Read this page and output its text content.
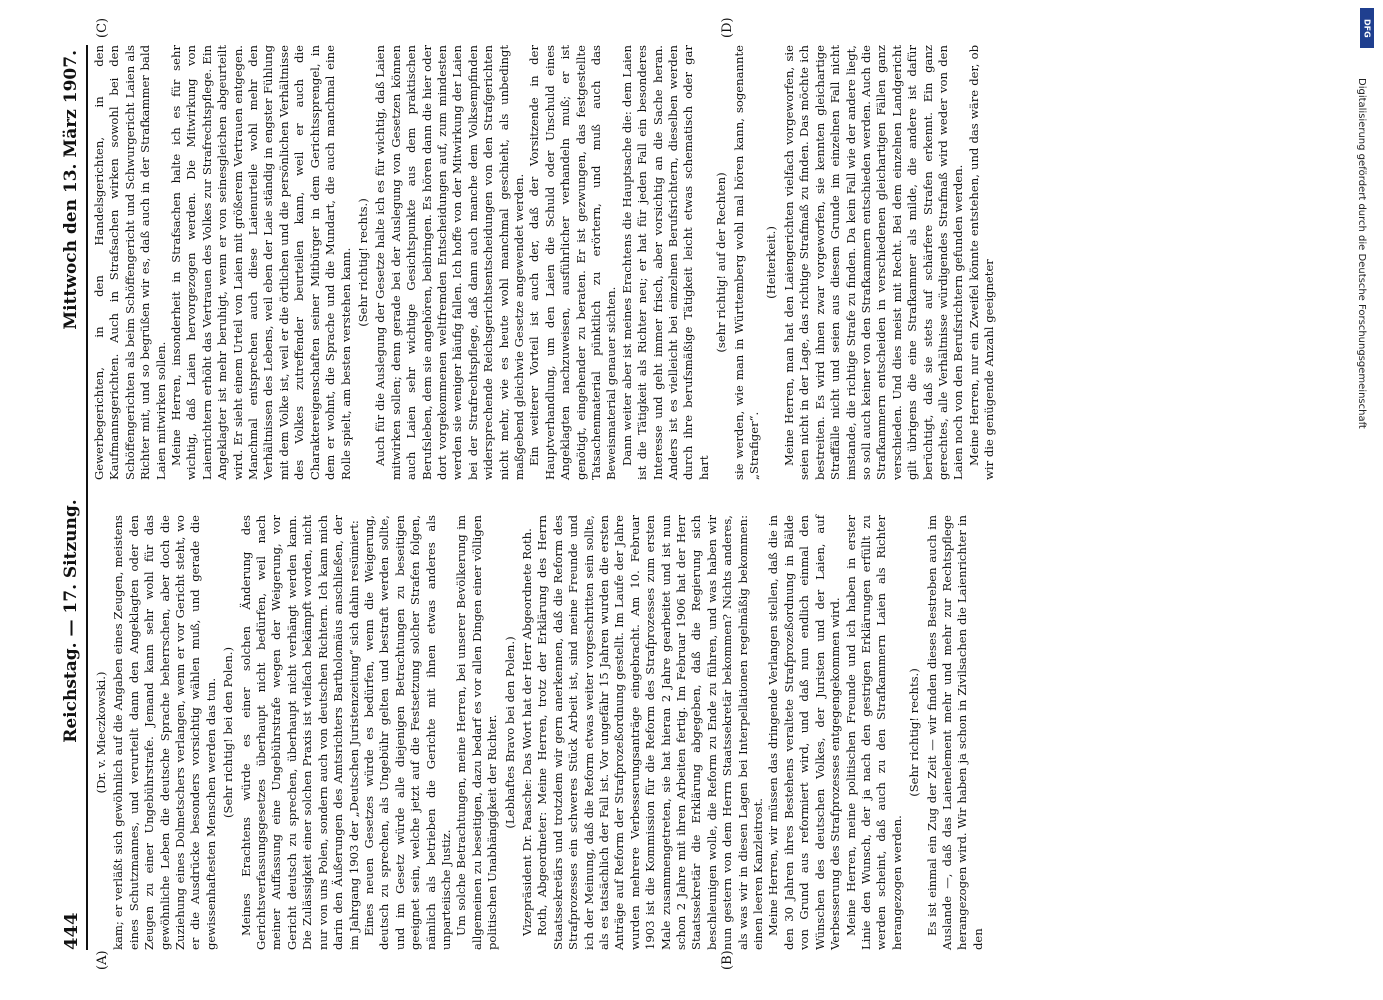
444
Reichstag. — 17. Sitzung.
Mittwoch den 13. März 1907.
(A)	(B)
(C)	(D)

(Dr. v. Mieczkowski.) kam; er verläßt sich gewöhnlich auf die Angaben eines Zeugen, meistens eines Schutzmannes, und verurteilt dann den Angeklagten oder den Zeugen zu einer Ungebührstrafe. Jemand kann sehr wohl für das gewöhnliche Leben die deutsche Sprache beherrschen, aber doch die Zuziehung eines Dolmetschers verlangen, wenn er vor Gericht steht, wo er die Ausdrücke besonders vorsichtig wählen muß, und gerade die gewissenhaftesten Menschen werden das tun. (Sehr richtig! bei den Polen.) Meines Erachtens würde es einer solchen Änderung des Gerichtsverfassungsgesetzes überhaupt nicht bedürfen, weil nach meiner Auffassung eine Ungebührstrafe wegen der Weigerung, vor Gericht deutsch zu sprechen, überhaupt nicht verhängt werden kann. Die Zulässigkeit einer solchen Praxis ist vielfach bekämpft worden, nicht nur von uns Polen, sondern auch von deutschen Richtern. Ich kann mich darin den Äußerungen des Amtsrichters Bartholomäus anschließen, der im Jahrgang 1903 der „Deutschen Juristenzeitung“ sich dahin resümiert: Eines neuen Gesetzes würde es bedürfen, wenn die Weigerung, deutsch zu sprechen, als Ungebühr gelten und bestraft werden sollte, und im Gesetz würde alle diejenigen Betrachtungen zu beseitigen geeignet sein, welche jetzt auf die Festsetzung solcher Strafen folgen, nämlich als betrieben die Gerichte mit ihnen etwas anderes als unparteiische Justiz. Um solche Betrachtungen, meine Herren, bei unserer Bevölkerung im allgemeinen zu beseitigen, dazu bedarf es vor allen Dingen einer völligen politischen Unabhängigkeit der Richter. (Lebhaftes Bravo bei den Polen.) Vizepräsident Dr. Paasche: Das Wort hat der Herr Abgeordnete Roth. Roth, Abgeordneter: Meine Herren, trotz der Erklärung des Herrn Staatssekretärs und trotzdem wir gern anerkennen, daß die Reform des Strafprozesses ein schweres Stück Arbeit ist, sind meine Freunde und ich der Meinung, daß die Reform etwas weiter vorgeschritten sein sollte, als es tatsächlich der Fall ist. Vor ungefähr 15 Jahren wurden die ersten Anträge auf Reform der Strafprozeßordnung gestellt. Im Laufe der Jahre wurden mehrere Verbesserungsanträge eingebracht. Am 10. Februar 1903 ist die Kommission für die Reform des Strafprozesses zum ersten Male zusammengetreten, sie hat hieran 2 Jahre gearbeitet und ist nun schon 2 Jahre mit ihren Arbeiten fertig. Im Februar 1906 hat der Herr Staatssekretär die Erklärung abgegeben, daß die Regierung sich beschleunigen wolle, die Reform zu Ende zu führen, und was haben wir nun gestern von dem Herrn Staatssekretär bekommen? Nichts anderes, als was wir in diesen Lagen bei Interpellationen regelmäßig bekommen: einen leeren Kanzleitrost. Meine Herren, wir müssen das dringende Verlangen stellen, daß die in den 30 Jahren ihres Bestehens veraltete Strafprozeßordnung in Bälde von Grund aus reformiert wird, und daß nun endlich einmal den Wünschen des deutschen Volkes, der Juristen und der Laien, auf Verbesserung des Strafprozesses entgegengekommen wird. Meine Herren, meine politischen Freunde und ich haben in erster Linie den Wunsch, der ja nach den gestrigen Erklärungen erfüllt zu werden scheint, daß auch zu den Strafkammern Laien als Richter herangezogen werden.

(Sehr richtig! rechts.) Es ist einmal ein Zug der Zeit — wir finden dieses Bestreben auch im Auslande —, daß das Laienelement mehr und mehr zur Rechtspflege herangezogen wird. Wir haben ja schon in Zivilsachen die Laienrichter in den

Gewerbegerichten, in den Handelsgerichten, in den Kaufmannsgerichten. Auch in Strafsachen wirken sowohl bei den Schöffengerichten als beim Schöffengericht und Schwurgericht Laien als Richter mit, und so begrüßen wir es, daß auch in der Strafkammer bald Laien mitwirken sollen. Meine Herren, insonderheit in Strafsachen halte ich es für sehr wichtig, daß Laien hervorgezogen werden. Die Mitwirkung von Laienrichtern erhöht das Vertrauen des Volkes zur Strafrechtspflege. Ein Angeklagter ist mehr beruhigt, wenn er von seinesgleichen abgeurteilt wird. Er sieht einem Urteil von Laien mit größerem Vertrauen entgegen. Manchmal entsprechen auch diese Laienurteile wohl mehr den Verhältnissen des Lebens, weil eben der Laie ständig in engster Fühlung mit dem Volke ist, weil er die örtlichen und die persönlichen Verhältnisse des Volkes zutreffender beurteilen kann, weil er auch die Charaktereigenschaften seiner Mitbürger in dem Gerichtssprengel, in dem er wohnt, die Sprache und die Mundart, die auch manchmal eine Rolle spielt, am besten verstehen kann. (Sehr richtig! rechts.) Auch für die Auslegung der Gesetze halte ich es für wichtig, daß Laien mitwirken sollen; denn gerade bei der Auslegung von Gesetzen können auch Laien sehr wichtige Gesichtspunkte aus dem praktischen Berufsleben, dem sie angehören, beibringen. Es hören dann die hier oder dort vorgekommenen weltfremden Entscheidungen auf, zum mindesten werden sie weniger häufig fallen. Ich hoffe von der Mitwirkung der Laien bei der Strafrechtspflege, daß dann auch manche dem Volksempfinden widersprechende Reichsgerichtsentscheidungen von den Strafgerichten nicht mehr, wie es heute wohl manchmal geschieht, als unbedingt maßgebend gleichwie Gesetze angewendet werden. Ein weiterer Vorteil ist auch der, daß der Vorsitzende in der Hauptverhandlung, um den Laien die Schuld oder Unschuld eines Angeklagten nachzuweisen, ausführlicher verhandeln muß; er ist genötigt, eingehender zu beraten. Er ist gezwungen, das festgestellte Tatsachenmaterial pünktlich zu erörtern, und muß auch das Beweismaterial genauer sichten. Dann weiter aber ist meines Erachtens die Hauptsache die: dem Laien ist die Tätigkeit als Richter neu; er hat für jeden Fall ein besonderes Interesse und geht immer frisch, aber vorsichtig an die Sache heran. Anders ist es vielleicht bei einzelnen Berufsrichtern, dieselben werden durch ihre berufsmäßige Tätigkeit leicht etwas schematisch oder gar hart

(sehr richtig! auf der Rechten) sie werden, wie man in Württemberg wohl mal hören kann, sogenannte „Strafiger“.

(Heiterkeit.) Meine Herren, man hat den Laiengerichten vielfach vorgeworfen, sie seien nicht in der Lage, das richtige Strafmaß zu finden. Das möchte ich bestreiten. Es wird ihnen zwar vorgeworfen, sie kennten gleichartige Straffälle nicht und seien aus diesem Grunde im einzelnen Fall nicht imstande, die richtige Strafe zu finden. Da kein Fall wie der andere liegt, so soll auch keiner von den Strafkammern entschieden werden. Auch die Strafkammern entscheiden in verschiedenen gleichartigen Fällen ganz verschieden. Und dies meist mit Recht. Bei dem einzelnen Landgericht gilt übrigens die eine Strafkammer als milde, die andere ist dafür berüchtigt, daß sie stets auf schärfere Strafen erkennt. Ein ganz gerechtes, alle Verhältnisse würdigendes Strafmaß wird weder von den Laien noch von den Berufsrichtern gefunden werden. Meine Herren, nur ein Zweifel könnte entstehen, und das wäre der, ob wir die genügende Anzahl geeigneter

DFG
Digitalisierung gefördert durch die Deutsche Forschungsgemeinschaft
